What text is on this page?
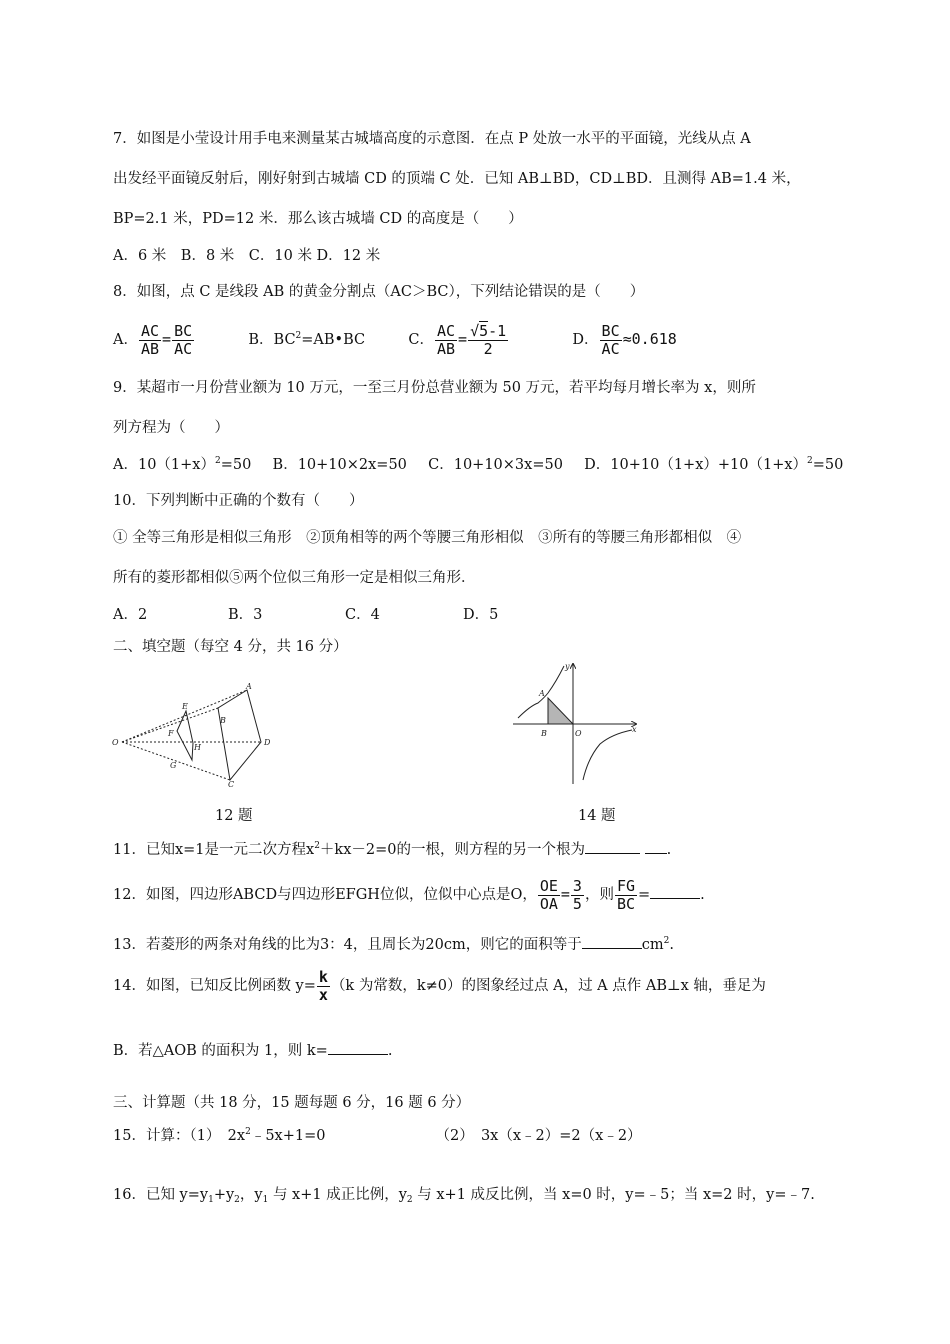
7．如图是小莹设计用手电来测量某古城墙高度的示意图．在点 P 处放一水平的平面镜，光线从点 A
出发经平面镜反射后，刚好射到古城墙 CD 的顶端 C 处．已知 AB⊥BD，CD⊥BD．且测得 AB=1.4 米，
BP=2.1 米，PD=12 米．那么该古城墙 CD 的高度是（　　）
A．6 米　B．8 米　C．10 米 D．12 米
8．如图，点 C 是线段 AB 的黄金分割点（AC＞BC），下列结论错误的是（　　）
A． $\frac{AC}{AB} = \frac{BC}{AC}$	B．$BC^2=AB•BC$	C． $\frac{AC}{AB} = \frac{√5-1}{2}$	D． $\frac{BC}{AC} \approx 0.618$
9．某超市一月份营业额为 10 万元，一至三月份总营业额为 50 万元，若平均每月增长率为 x，则所
列方程为（　　）
A．$10(1+x)^2=50$ B．10+10×2x=50 C．10+10×3x=50 D．$10+10(1+x)+10(1+x)^2=50$
10．下列判断中正确的个数有（　　）
① 全等三角形是相似三角形　②顶角相等的两个等腰三角形相似　③所有的等腰三角形都相似　④
所有的菱形都相似⑤两个位似三角形一定是相似三角形．
A．2	B．3	C．4	D．5
二、填空题（每空 4 分，共 16 分）
A
B
C
D
E
F
G
H
O
12 题
A
B	O	x
y
14 题
11．已知x=1是一元二次方程$x^2+kx-2=0$的一根，则方程的另一个根为	.
12．如图，四边形ABCD与四边形EFGH位似，位似中心点是O， $\frac{OE}{OA} = \frac{3}{5}$ ，则 $\frac{FG}{BC}$ =	.
13．若菱形的两条对角线的比为3：4，且周长为20cm，则它的面积等于	$cm^2$.
14．如图，已知反比例函数 $y= \frac{k}{x} (k$ 为常数，k≠0）的图象经过点 A，过 A 点作 AB⊥x 轴，垂足为
B．若△AOB 的面积为 1，则 k=	.
三、计算题（共 18 分，15 题每题 6 分，16 题 6 分）
15．计算：（1）　$2x^2﹣5x+1=0$	（2）　3x（x﹣2）=2（x﹣2）
16．已知 $y=y_1+y_2$，$y_1$ 与 x+1 成正比例，$y_2$ 与 x+1 成反比例，当 x=0 时，y=﹣5；当 x=2 时，y=﹣7.
